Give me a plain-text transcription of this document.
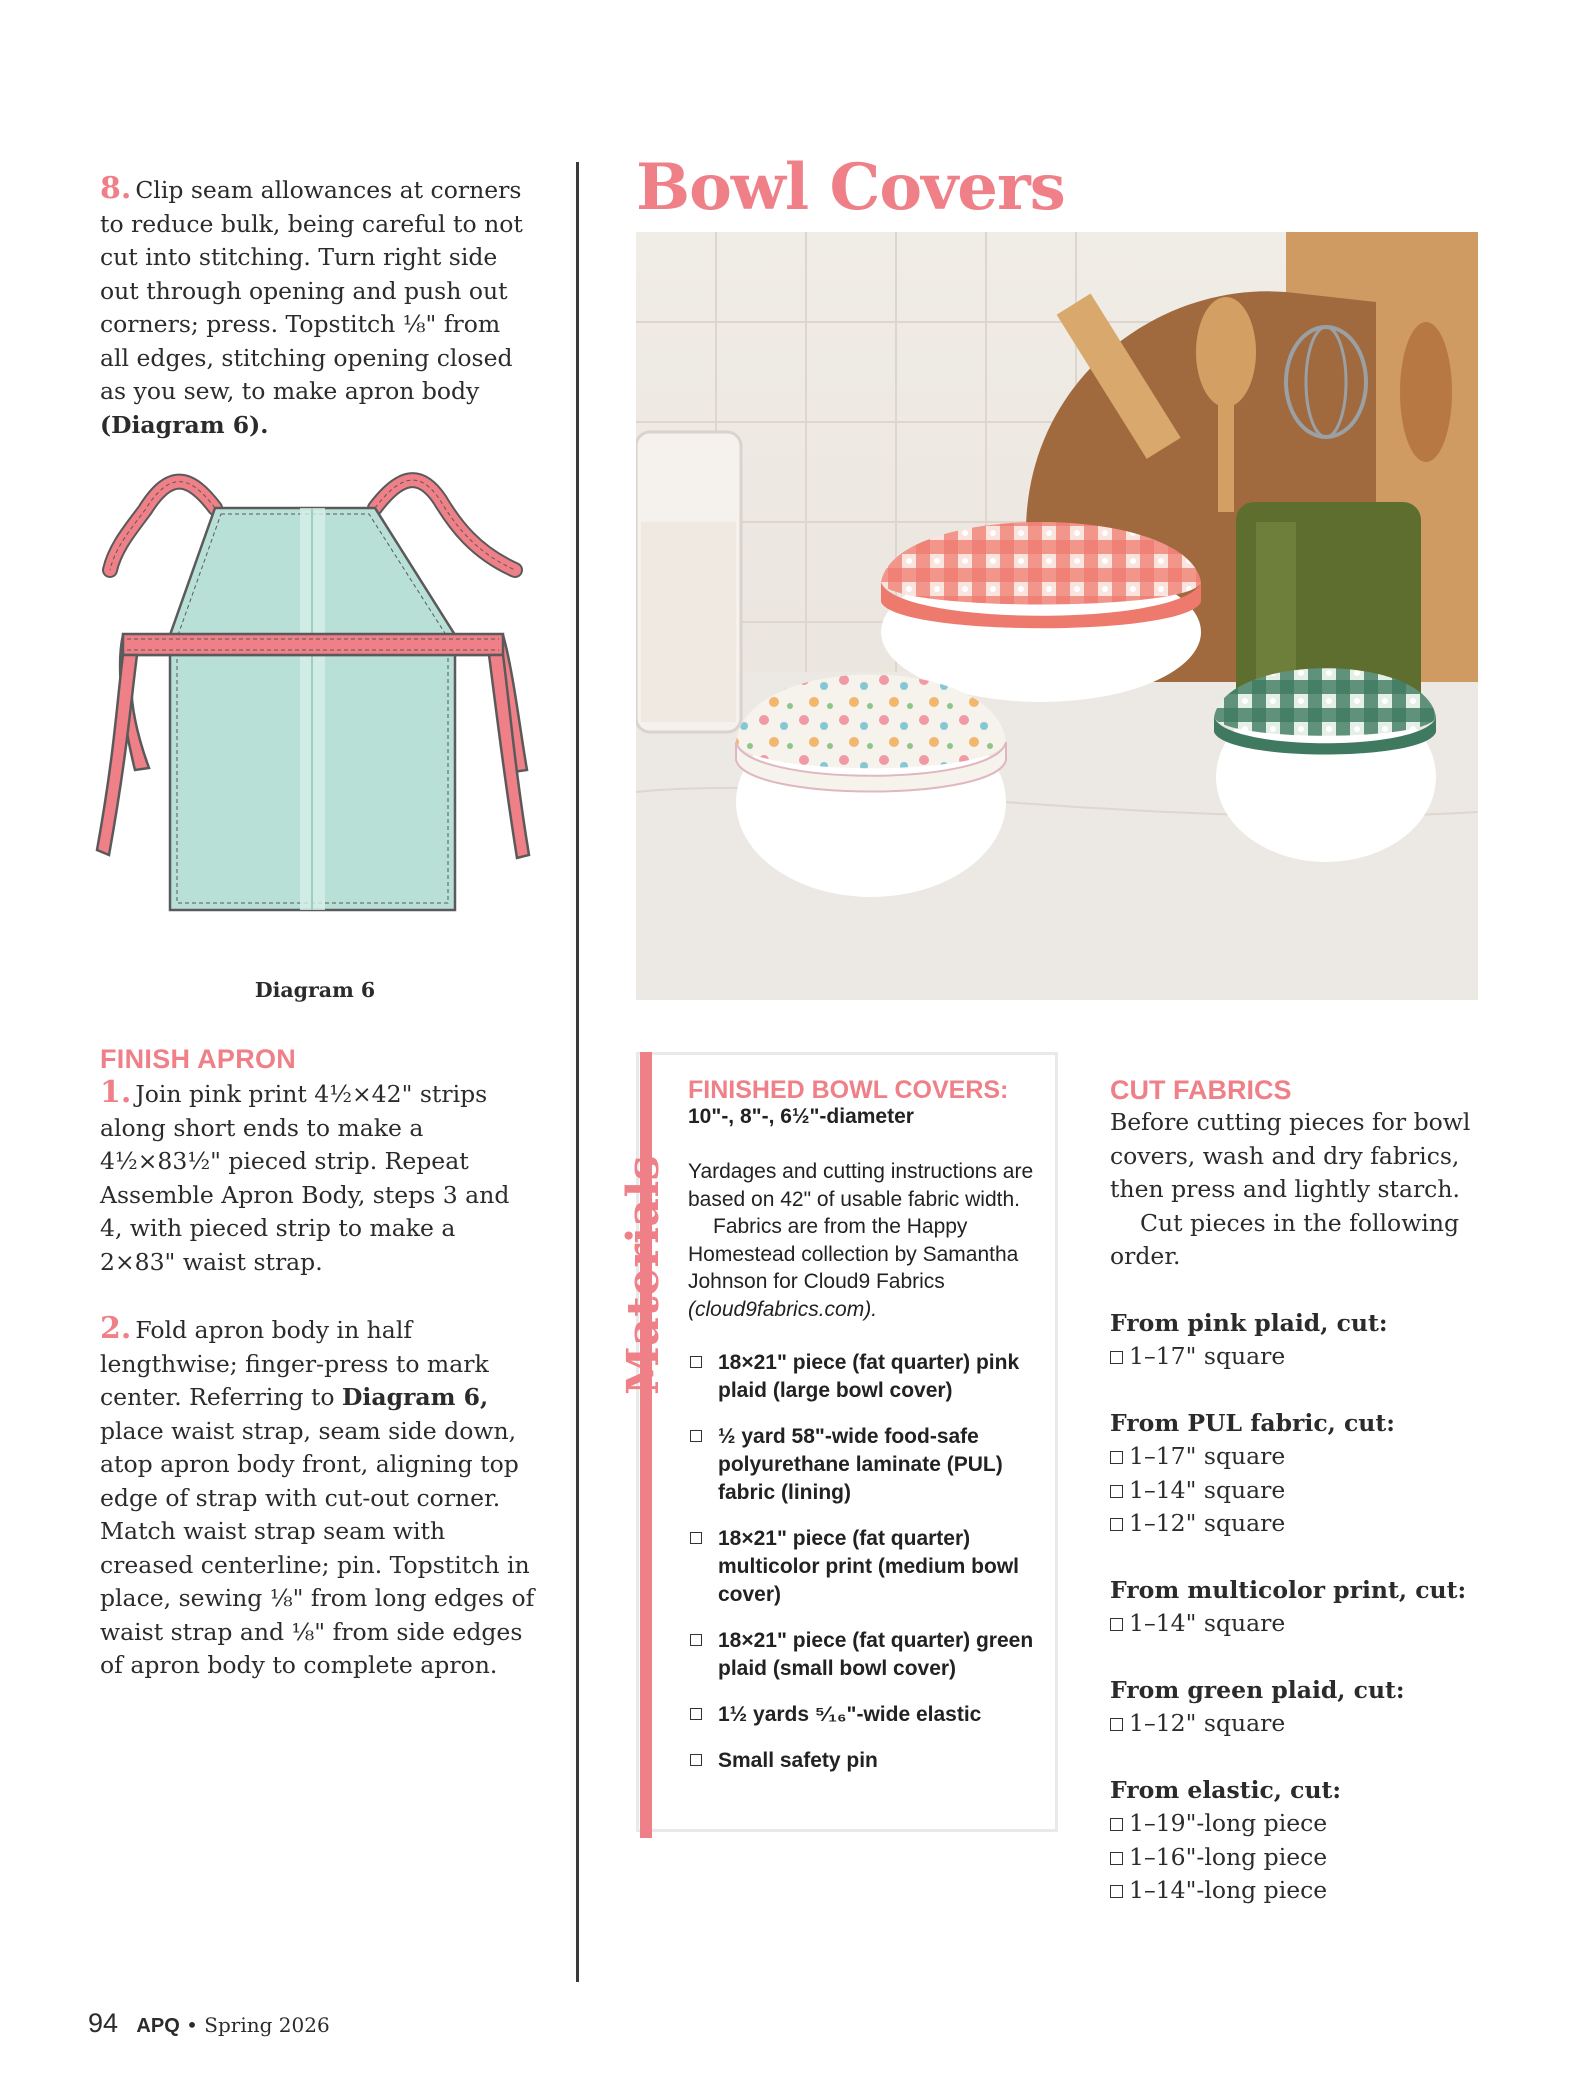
8. Clip seam allowances at corners to reduce bulk, being careful to not cut into stitching. Turn right side out through opening and push out corners; press. Topstitch ⅛" from all edges, stitching opening closed as you sew, to make apron body (Diagram 6).

Diagram 6
FINISH APRON

1. Join pink print 4½×42" strips along short ends to make a 4½×83½" pieced strip. Repeat Assemble Apron Body, steps 3 and 4, with pieced strip to make a 2×83" waist strap.

2. Fold apron body in half lengthwise; finger-press to mark center. Referring to Diagram 6, place waist strap, seam side down, atop apron body front, aligning top edge of strap with cut-out corner. Match waist strap seam with creased centerline; pin. Topstitch in place, sewing ⅛" from long edges of waist strap and ⅛" from side edges of apron body to complete apron.

Bowl Covers
Materials
FINISHED BOWL COVERS:
10"-, 8"-, 6½"-diameter

Yardages and cutting instructions are based on 42" of usable fabric width.

Fabrics are from the Happy Homestead collection by Samantha Johnson for Cloud9 Fabrics (cloud9fabrics.com).

18×21" piece (fat quarter) pink plaid (large bowl cover)
½ yard 58"-wide food-safe polyurethane laminate (PUL) fabric (lining)
18×21" piece (fat quarter) multicolor print (medium bowl cover)
18×21" piece (fat quarter) green plaid (small bowl cover)
1½ yards ⁵⁄₁₆"-wide elastic
Small safety pin
CUT FABRICS

Before cutting pieces for bowl covers, wash and dry fabrics, then press and lightly starch.

Cut pieces in the following order.

From pink plaid, cut:

1–17" square

From PUL fabric, cut:

1–17" square

1–14" square

1–12" square

From multicolor print, cut:

1–14" square

From green plaid, cut:

1–12" square

From elastic, cut:

1–19"-long piece

1–16"-long piece

1–14"-long piece

94 APQ • Spring 2026
